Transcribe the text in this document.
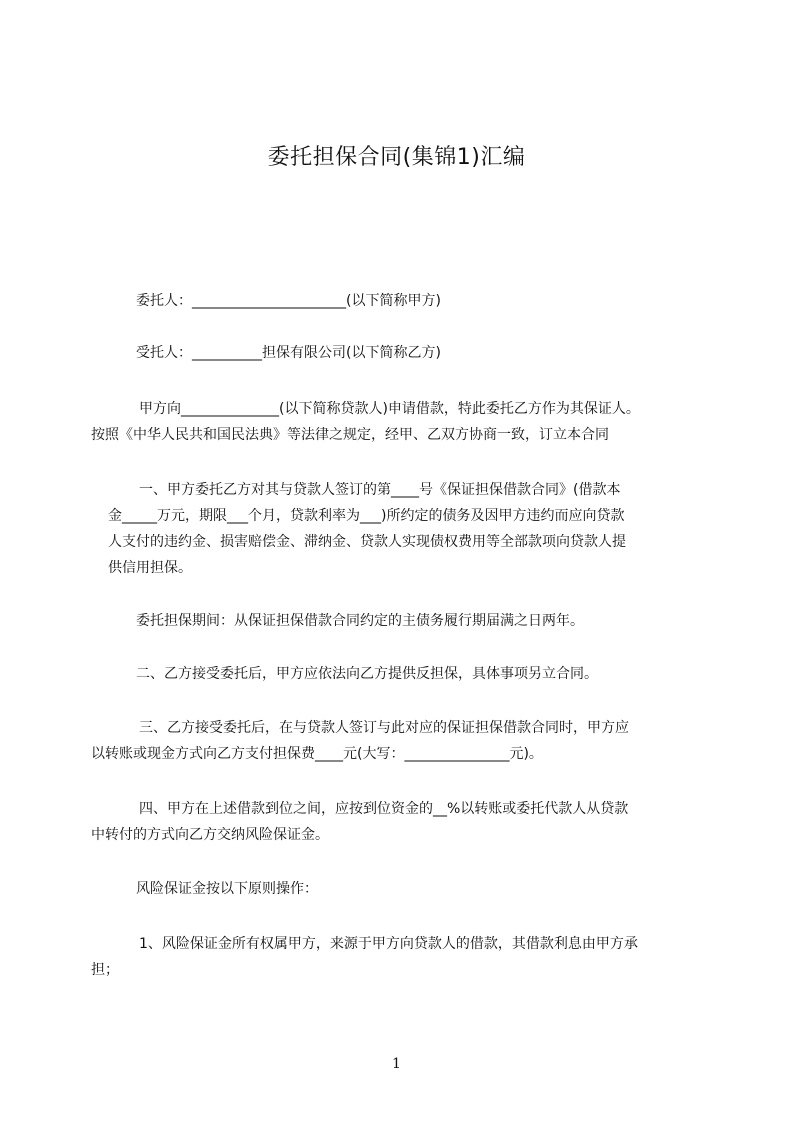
委托担保合同(集锦1)汇编

委托人：______________________(以下简称甲方)

受托人：__________担保有限公司(以下简称乙方)

甲方向______________(以下简称贷款人)申请借款，特此委托乙方作为其保证人。

按照《中华人民共和国民法典》等法律之规定，经甲、乙双方协商一致，订立本合同

一、甲方委托乙方对其与贷款人签订的第____号《保证担保借款合同》(借款本

金_____万元，期限___个月，贷款利率为___)所约定的债务及因甲方违约而应向贷款

人支付的违约金、损害赔偿金、滞纳金、贷款人实现债权费用等全部款项向贷款人提

供信用担保。

委托担保期间：从保证担保借款合同约定的主债务履行期届满之日两年。

二、乙方接受委托后，甲方应依法向乙方提供反担保，具体事项另立合同。

三、乙方接受委托后，在与贷款人签订与此对应的保证担保借款合同时，甲方应

以转账或现金方式向乙方支付担保费____元(大写：_______________元)。

四、甲方在上述借款到位之间，应按到位资金的__%以转账或委托代款人从贷款

中转付的方式向乙方交纳风险保证金。

风险保证金按以下原则操作：

1、风险保证金所有权属甲方，来源于甲方向贷款人的借款，其借款利息由甲方承

担；

1
